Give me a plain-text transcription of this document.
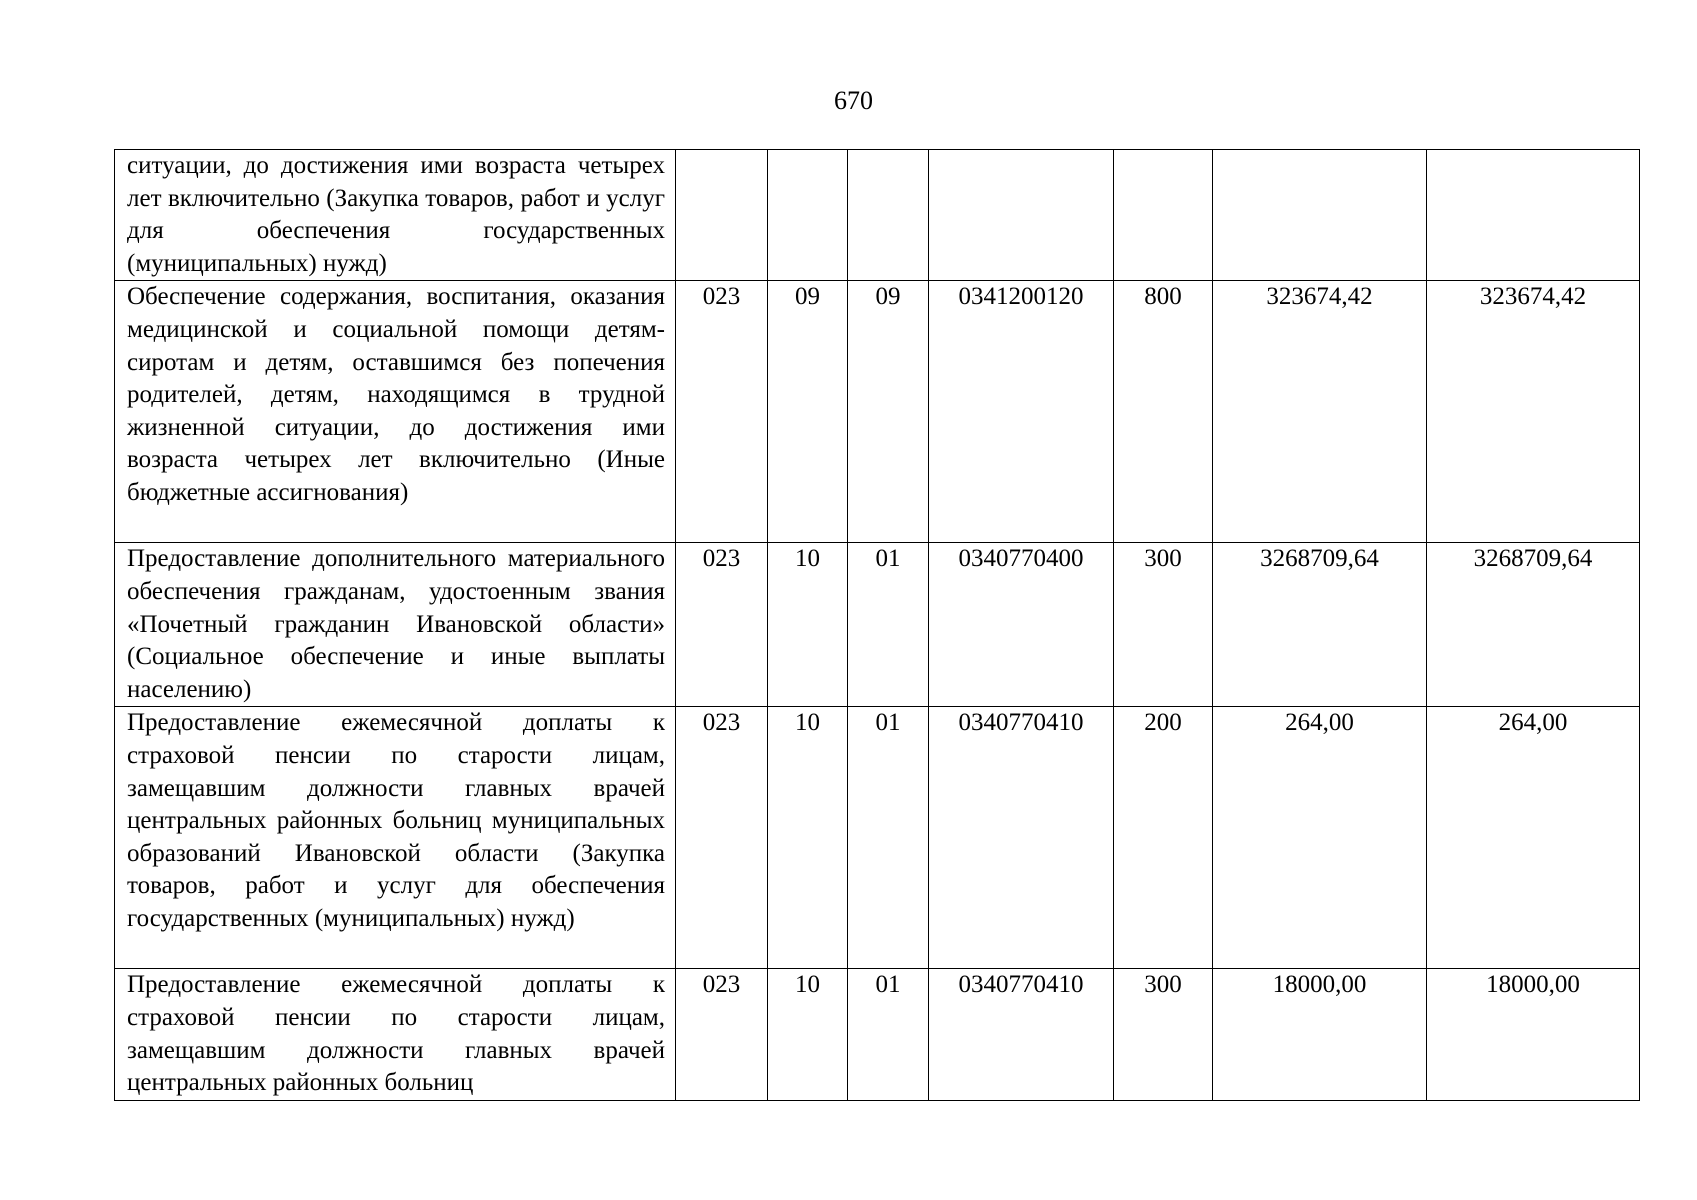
670
ситуации, до достижения ими возраста четырех лет включительно (Закупка товаров, работ и услуг для обеспечения государственных (муниципальных) нужд)							
Обеспечение содержания, воспитания, оказания медицинской и социальной помощи детям-сиротам и детям, оставшимся без попечения родителей, детям, находящимся в трудной жизненной ситуации, до достижения ими возраста четырех лет включительно (Иные бюджетные ассигнования)	023	09	09	0341200120	800	323674,42	323674,42
Предоставление дополнительного материального обеспечения гражданам, удостоенным звания «Почетный гражданин Ивановской области» (Социальное обеспечение и иные выплаты населению)	023	10	01	0340770400	300	3268709,64	3268709,64
Предоставление ежемесячной доплаты к страховой пенсии по старости лицам, замещавшим должности главных врачей центральных районных больниц муниципальных образований Ивановской области (Закупка товаров, работ и услуг для обеспечения государственных (муниципальных) нужд)	023	10	01	0340770410	200	264,00	264,00
Предоставление ежемесячной доплаты к страховой пенсии по старости лицам, замещавшим должности главных врачей центральных районных больниц	023	10	01	0340770410	300	18000,00	18000,00
